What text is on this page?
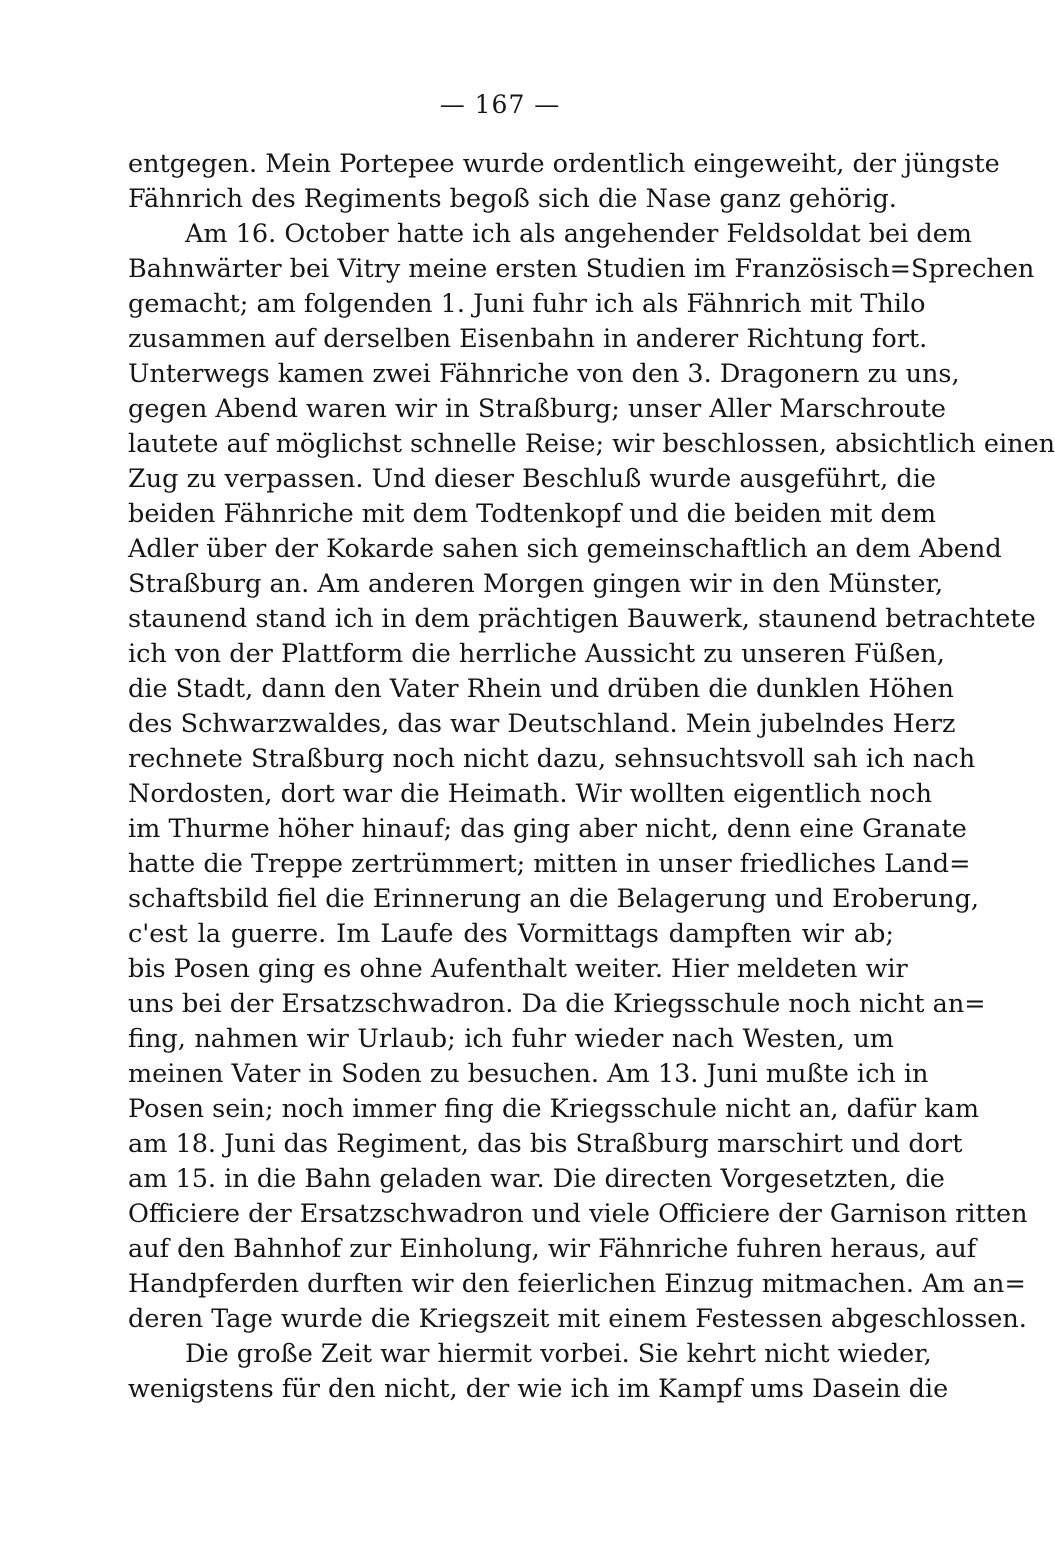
— 167 —
entgegen. Mein Portepee wurde ordentlich eingeweiht, der jüngste
Fähnrich des Regiments begoß sich die Nase ganz gehörig.
Am 16. October hatte ich als angehender Feldsoldat bei dem
Bahnwärter bei Vitry meine ersten Studien im Französisch=Sprechen
gemacht; am folgenden 1. Juni fuhr ich als Fähnrich mit Thilo
zusammen auf derselben Eisenbahn in anderer Richtung fort.
Unterwegs kamen zwei Fähnriche von den 3. Dragonern zu uns,
gegen Abend waren wir in Straßburg; unser Aller Marschroute
lautete auf möglichst schnelle Reise; wir beschlossen, absichtlich einen
Zug zu verpassen. Und dieser Beschluß wurde ausgeführt, die
beiden Fähnriche mit dem Todtenkopf und die beiden mit dem
Adler über der Kokarde sahen sich gemeinschaftlich an dem Abend
Straßburg an. Am anderen Morgen gingen wir in den Münster,
staunend stand ich in dem prächtigen Bauwerk, staunend betrachtete
ich von der Plattform die herrliche Aussicht zu unseren Füßen,
die Stadt, dann den Vater Rhein und drüben die dunklen Höhen
des Schwarzwaldes, das war Deutschland. Mein jubelndes Herz
rechnete Straßburg noch nicht dazu, sehnsuchtsvoll sah ich nach
Nordosten, dort war die Heimath. Wir wollten eigentlich noch
im Thurme höher hinauf; das ging aber nicht, denn eine Granate
hatte die Treppe zertrümmert; mitten in unser friedliches Land=
schaftsbild fiel die Erinnerung an die Belagerung und Eroberung,
c'est la guerre. Im Laufe des Vormittags dampften wir ab;
bis Posen ging es ohne Aufenthalt weiter. Hier meldeten wir
uns bei der Ersatzschwadron. Da die Kriegsschule noch nicht an=
fing, nahmen wir Urlaub; ich fuhr wieder nach Westen, um
meinen Vater in Soden zu besuchen. Am 13. Juni mußte ich in
Posen sein; noch immer fing die Kriegsschule nicht an, dafür kam
am 18. Juni das Regiment, das bis Straßburg marschirt und dort
am 15. in die Bahn geladen war. Die directen Vorgesetzten, die
Officiere der Ersatzschwadron und viele Officiere der Garnison ritten
auf den Bahnhof zur Einholung, wir Fähnriche fuhren heraus, auf
Handpferden durften wir den feierlichen Einzug mitmachen. Am an=
deren Tage wurde die Kriegszeit mit einem Festessen abgeschlossen.
Die große Zeit war hiermit vorbei. Sie kehrt nicht wieder,
wenigstens für den nicht, der wie ich im Kampf ums Dasein die
